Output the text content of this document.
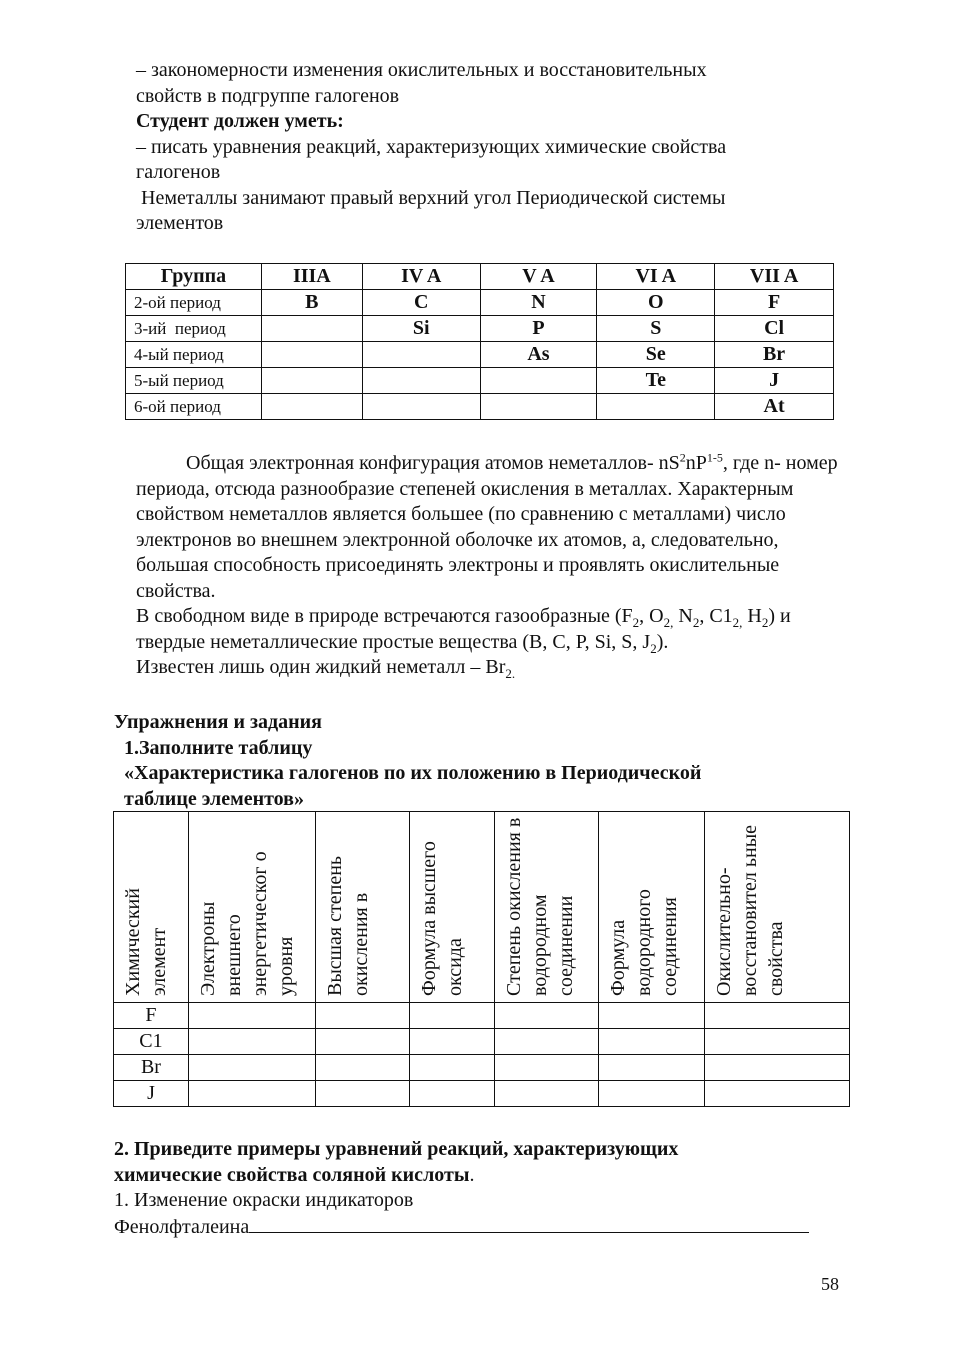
– закономерности изменения окислительных и восстановительных

свойств в подгруппе галогенов

Студент должен уметь:

– писать уравнения реакций, характеризующих химические свойства

галогенов

Неметаллы занимают правый верхний угол Периодической системы

элементов

Группа	IIIA	IV A	V A	VI A	VII A
2-ой период	B	C	N	O	F
3-ий  период		Si	P	S	Cl
4-ый период			As	Se	Br
5-ый период				Te	J
6-ой период					At

Общая электронная конфигурация атомов неметаллов- $nS^2nP^{1-5}$, где n- номер периода, отсюда разнообразие степеней окисления в металлах. Характерным свойством неметаллов является большее (по сравнению с металлами) число электронов во внешнем электронной оболочке их атомов, а, следовательно, большая способность присоединять электроны и проявлять окислительные свойства.

В свободном виде в природе встречаются газообразные ($F_2$, $O_{2,}$ $N_2$, $C1_{2,}$ $H_2$) и твердые неметаллические простые вещества (B, C, P, Si, S, $J_2$).

Известен лишь один жидкий неметалл – $Br_{2.}$

Упражнения и задания

1.Заполните таблицу

«Характеристика галогенов по их положению в Периодической

таблице элементов»

Химический элемент	Электроны внешнего энергетическог о уровня	Высшая степень окисления в	Формула высшего оксида	Степень окисления в водородном соединении	Формула водородного соединения	Окислительно- восстановител ьные свойства

F						
C1						
Br						
J						

2. Приведите примеры уравнений реакций, характеризующих

химические свойства соляной кислоты.

1. Изменение окраски индикаторов

Фенолфталеина

58
